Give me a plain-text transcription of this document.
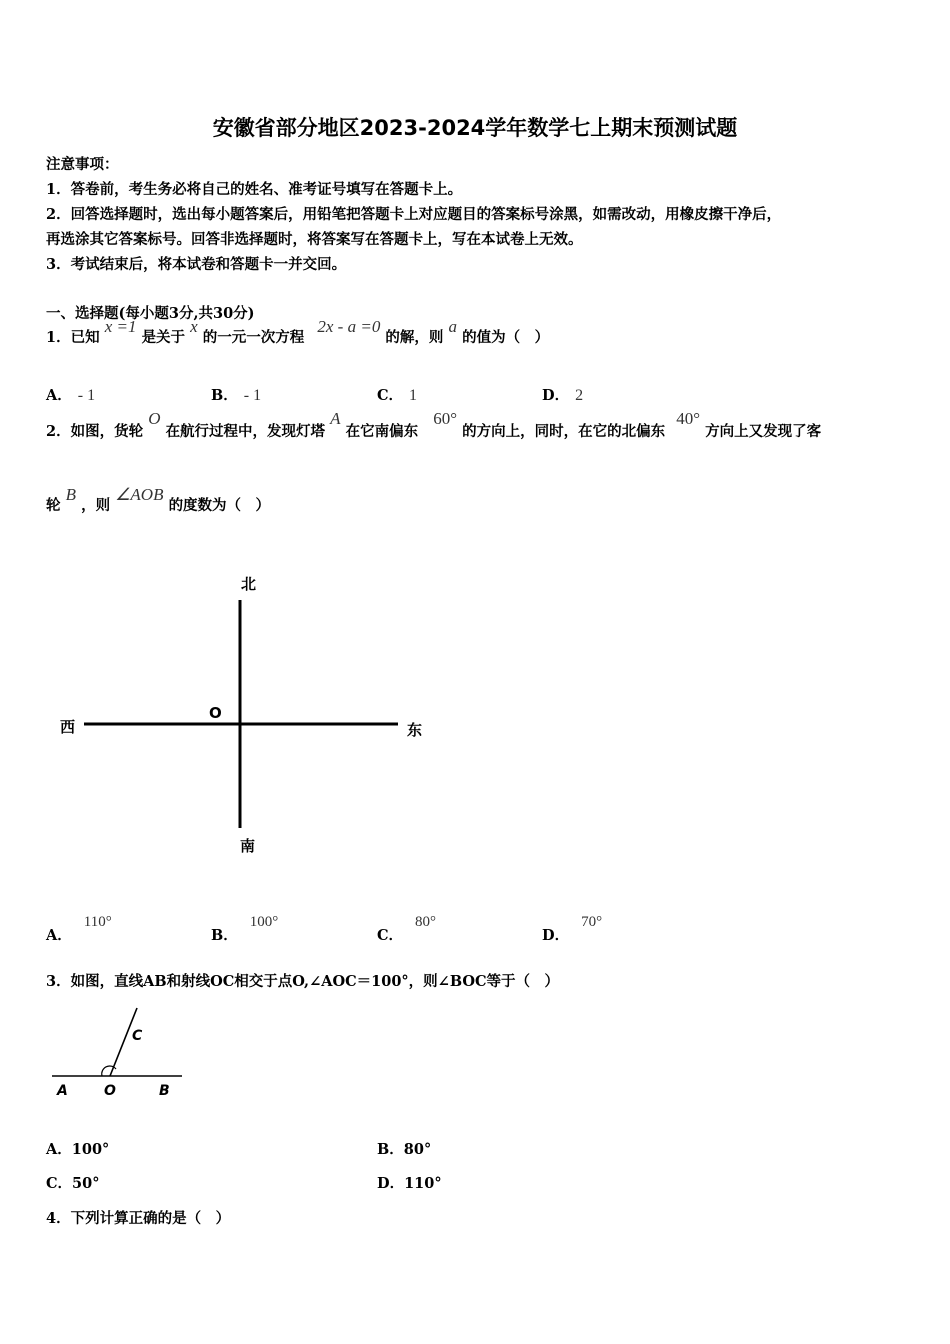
安徽省部分地区2023-2024学年数学七上期末预测试题
注意事项：
1．答卷前，考生务必将自己的姓名、准考证号填写在答题卡上。
2．回答选择题时，选出每小题答案后，用铅笔把答题卡上对应题目的答案标号涂黑，如需改动，用橡皮擦干净后，
再选涂其它答案标号。回答非选择题时，将答案写在答题卡上，写在本试卷上无效。
3．考试结束后，将本试卷和答题卡一并交回。
一、选择题(每小题3分,共30分)
1．已知 x =1 是关于 x 的一元一次方程 2x - a =0 的解，则 a 的值为（　）
A． - 1	B． - 1	C． 1	D． 2
2．如图，货轮 O 在航行过程中，发现灯塔 A 在它南偏东 60° 的方向上，同时，在它的北偏东 40° 方向上又发现了客
轮 B ，则 ∠AOB 的度数为（　）
北
南
西	东
O
A．110°
B．100°
C．80°
D．70°
3．如图，直线AB和射线OC相交于点O,∠AOC＝100°，则∠BOC等于（　）
C
A	O	B
A．100°	B．80°
C．50°	D．110°
4．下列计算正确的是（　）
